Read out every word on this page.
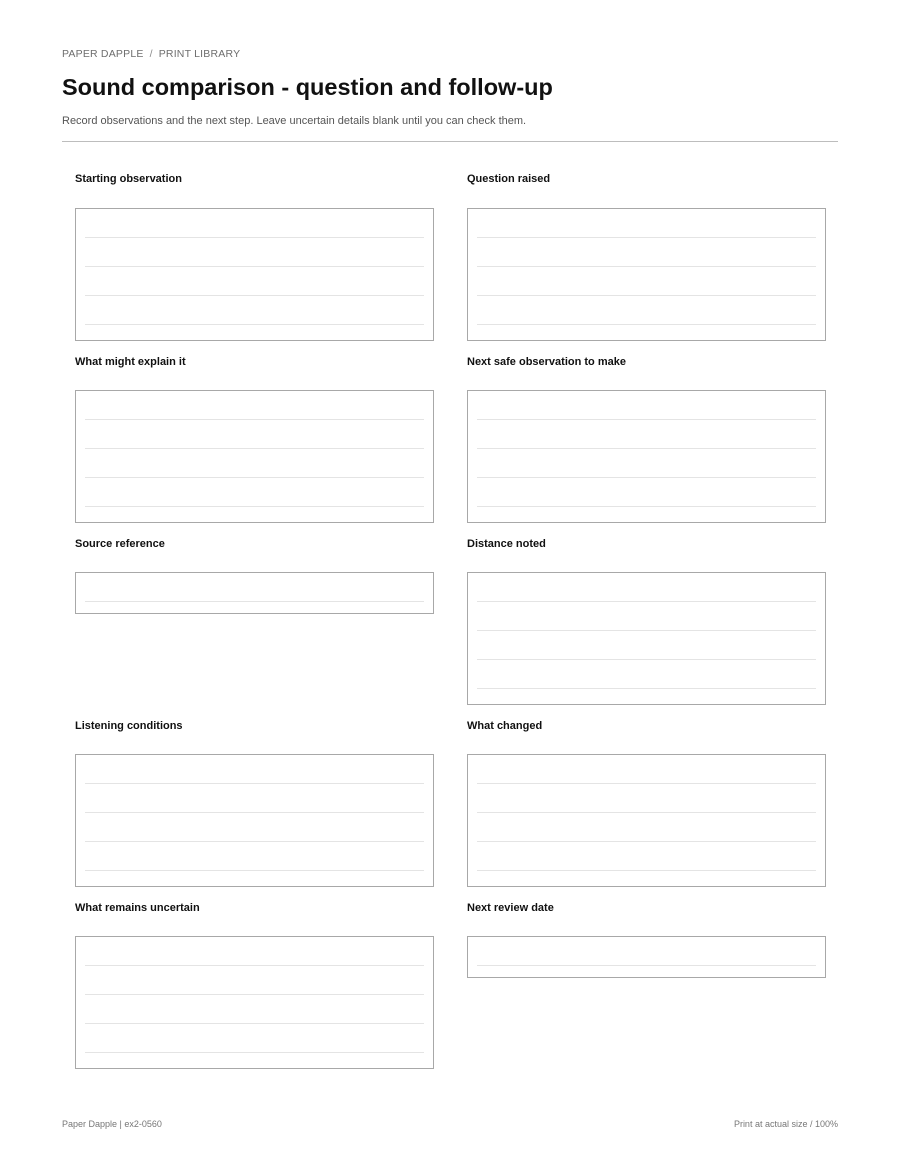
PAPER DAPPLE / PRINT LIBRARY
Sound comparison - question and follow-up
Record observations and the next step. Leave uncertain details blank until you can check them.
Starting observation	Question raised
What might explain it	Next safe observation to make
Source reference	Distance noted
Listening conditions	What changed
What remains uncertain	Next review date
Paper Dapple | ex2-0560	Print at actual size / 100%
